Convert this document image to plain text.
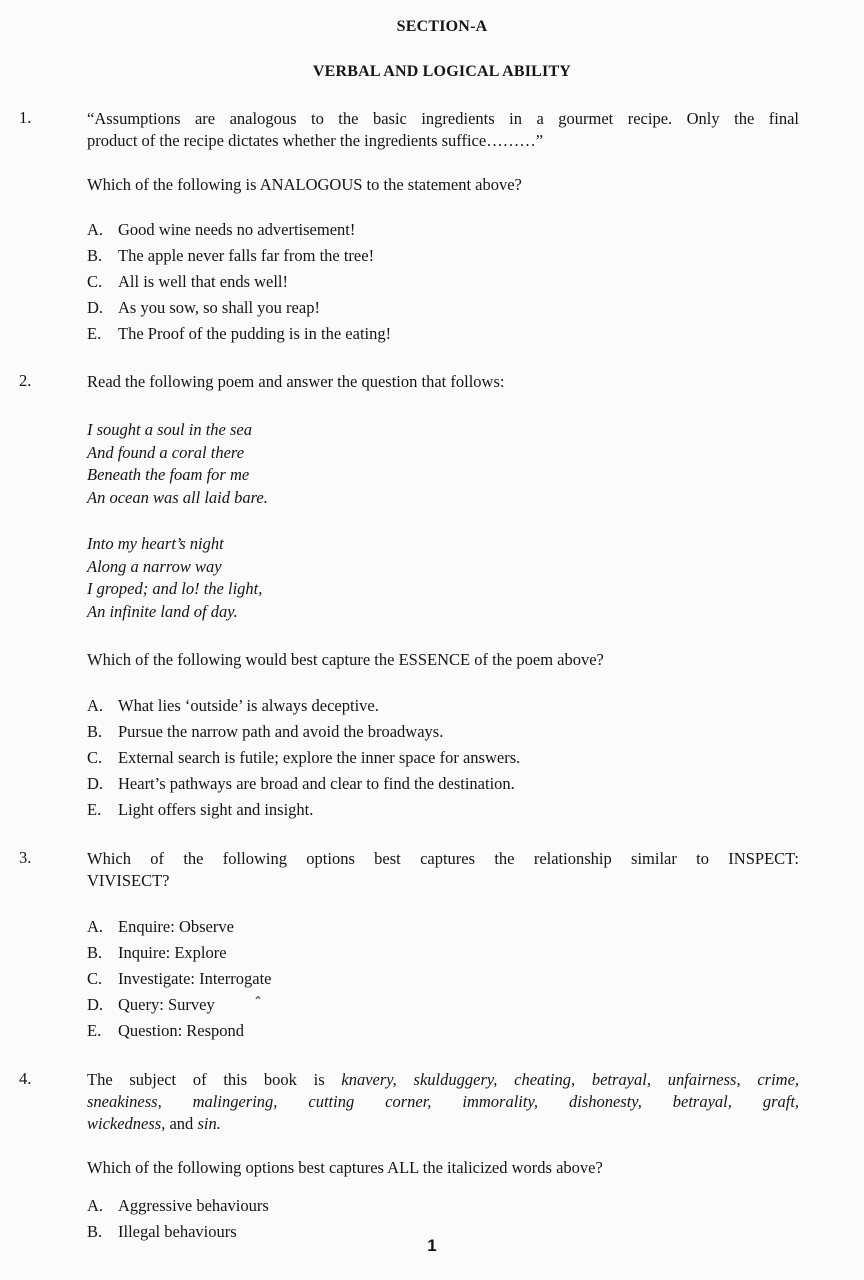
SECTION-A
VERBAL AND LOGICAL ABILITY
1.	“Assumptions are analogous to the basic ingredients in a gourmet recipe. Only the final

product of the recipe dictates whether the ingredients suffice………”

Which of the following is ANALOGOUS to the statement above?

A. Good wine needs no advertisement!
B. The apple never falls far from the tree!
C. All is well that ends well!
D. As you sow, so shall you reap!
E. The Proof of the pudding is in the eating!
2.	Read the following poem and answer the question that follows:

I sought a soul in the sea
And found a coral there
Beneath the foam for me
An ocean was all laid bare.
Into my heart’s night
Along a narrow way
I groped; and lo! the light,
An infinite land of day.

Which of the following would best capture the ESSENCE of the poem above?

A. What lies ‘outside’ is always deceptive.
B. Pursue the narrow path and avoid the broadways.
C. External search is futile; explore the inner space for answers.
D. Heart’s pathways are broad and clear to find the destination.
E. Light offers sight and insight.
3.	Which of the following options best captures the relationship similar to INSPECT:

VIVISECT?

A. Enquire: Observe
B. Inquire: Explore
C. Investigate: Interrogate
D. Query: Survey
E. Question: Respond
⌃
4.	The subject of this book is knavery, skulduggery, cheating, betrayal, unfairness, crime,

sneakiness, malingering, cutting corner, immorality, dishonesty, betrayal, graft,

wickedness, and sin.

Which of the following options best captures ALL the italicized words above?

A. Aggressive behaviours
B. Illegal behaviours
1
